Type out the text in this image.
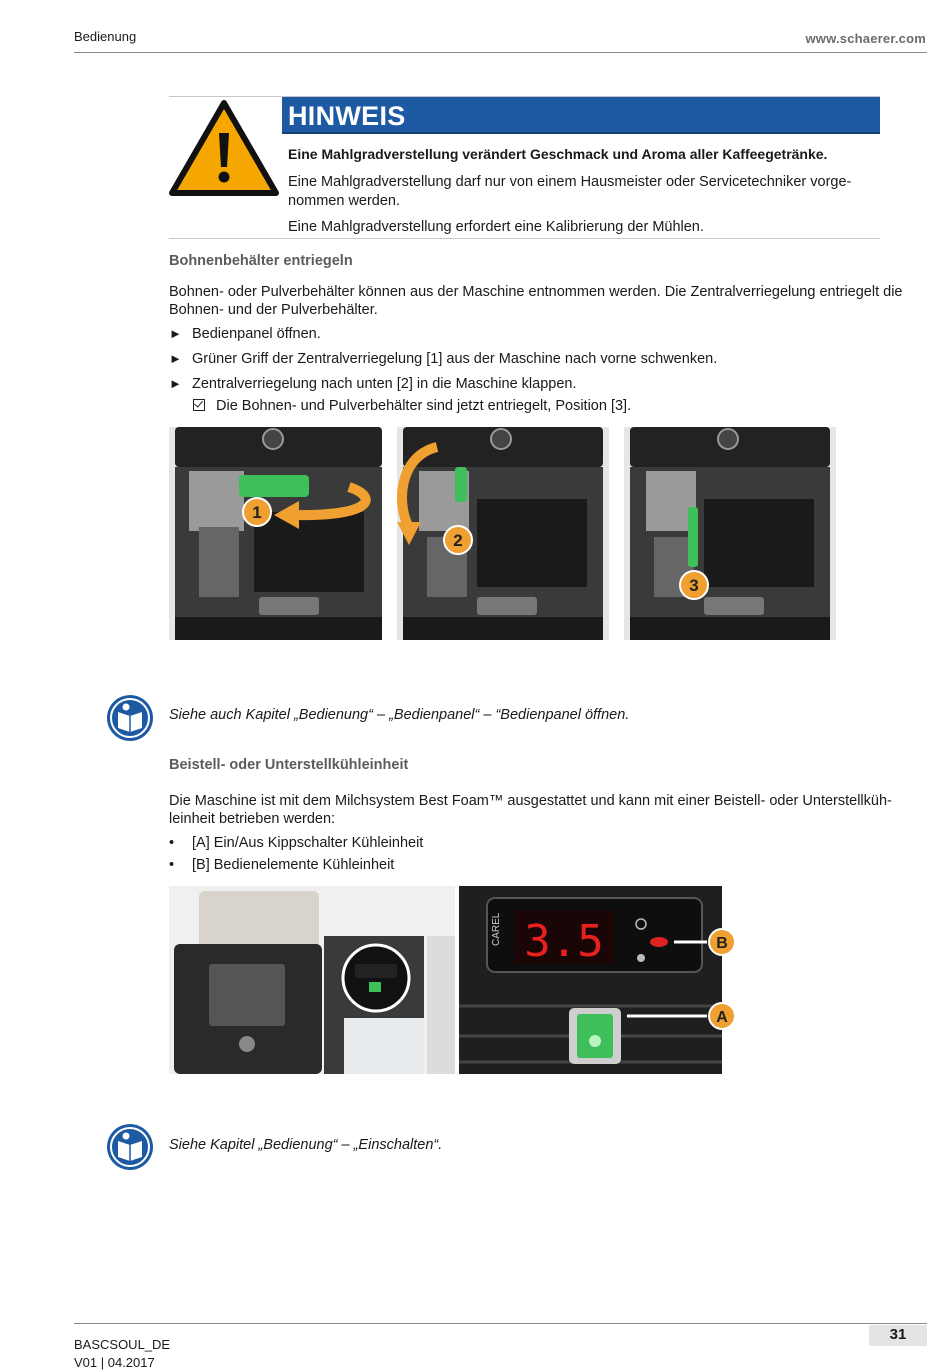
Bedienung	www.schaerer.com
HINWEIS
Eine Mahlgradverstellung verändert Geschmack und Aroma aller Kaffeegetränke.
Eine Mahlgradverstellung darf nur von einem Hausmeister oder Servicetechniker vorge-nommen werden.
Eine Mahlgradverstellung erfordert eine Kalibrierung der Mühlen.
Bohnenbehälter entriegeln
Bohnen- oder Pulverbehälter können aus der Maschine entnommen werden. Die Zentralverriegelung entriegelt die Bohnen- und der Pulverbehälter.
► Bedienpanel öffnen.
► Grüner Griff der Zentralverriegelung [1] aus der Maschine nach vorne schwenken.
► Zentralverriegelung nach unten [2] in die Maschine klappen.
Die Bohnen- und Pulverbehälter sind jetzt entriegelt, Position [3].
1
2
3
Siehe auch Kapitel „Bedienung“ – „Bedienpanel“ – “Bedienpanel öffnen.
Beistell- oder Unterstellkühleinheit
Die Maschine ist mit dem Milchsystem Best Foam™ ausgestattet und kann mit einer Beistell- oder Unterstellküh-leinheit betrieben werden:
• [A] Ein/Aus Kippschalter Kühleinheit
• [B] Bedienelemente Kühleinheit
CAREL 3.5	B
A
Siehe Kapitel „Bedienung“ – „Einschalten“.
BASCSOUL_DE
V01 | 04.2017
31
